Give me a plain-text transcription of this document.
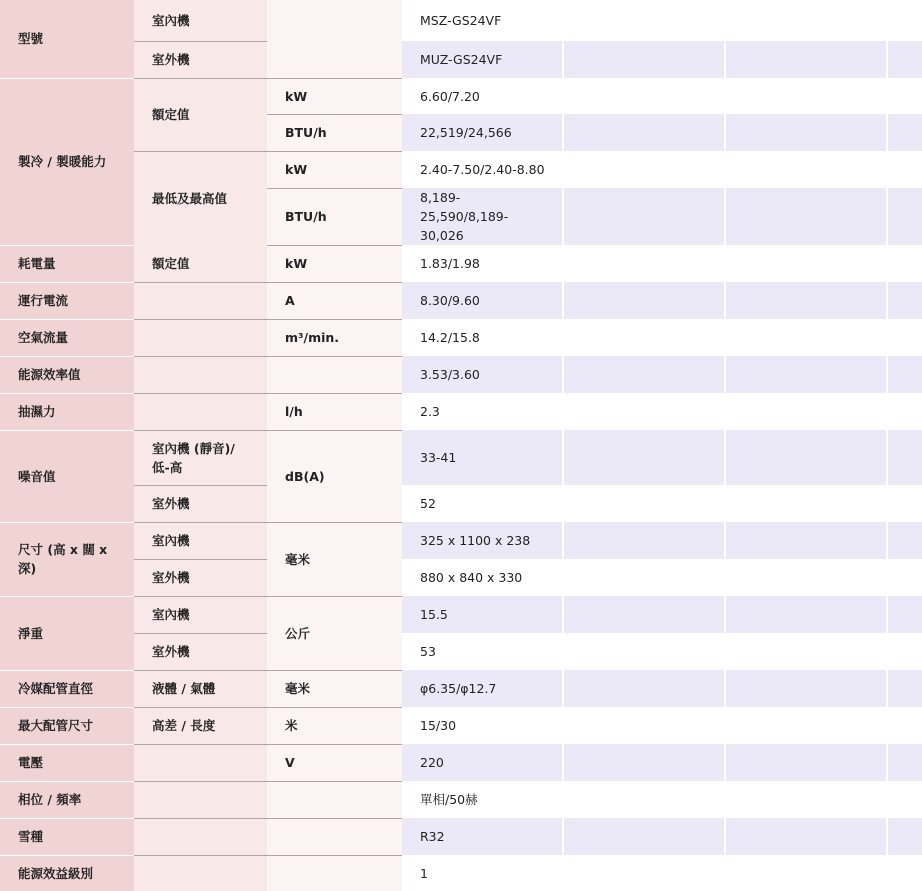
型號	室內機		MSZ-GS24VF			
	室外機		MUZ-GS24VF			
製冷 / 製暖能力	額定值	kW	6.60/7.20			
		BTU/h	22,519/24,566			
	最低及最高值	kW	2.40-7.50/2.40-8.80			
		BTU/h	8,189-25,590/8,189-30,026			
耗電量	額定值	kW	1.83/1.98			
運行電流		A	8.30/9.60			
空氣流量		m³/min.	14.2/15.8			
能源效率值			3.53/3.60			
抽濕力		l/h	2.3			
噪音值	室內機 (靜音)/低-高	dB(A)	33-41			
	室外機		52			
尺寸 (高 x 闊 x 深)	室內機	毫米	325 x 1100 x 238			
	室外機		880 x 840 x 330			
淨重	室內機	公斤	15.5			
	室外機		53			
冷媒配管直徑	液體 / 氣體	毫米	φ6.35/φ12.7			
最大配管尺寸	高差 / 長度	米	15/30			
電壓		V	220			
相位 / 頻率			單相/50赫			
雪種			R32			
能源效益級別			1			
